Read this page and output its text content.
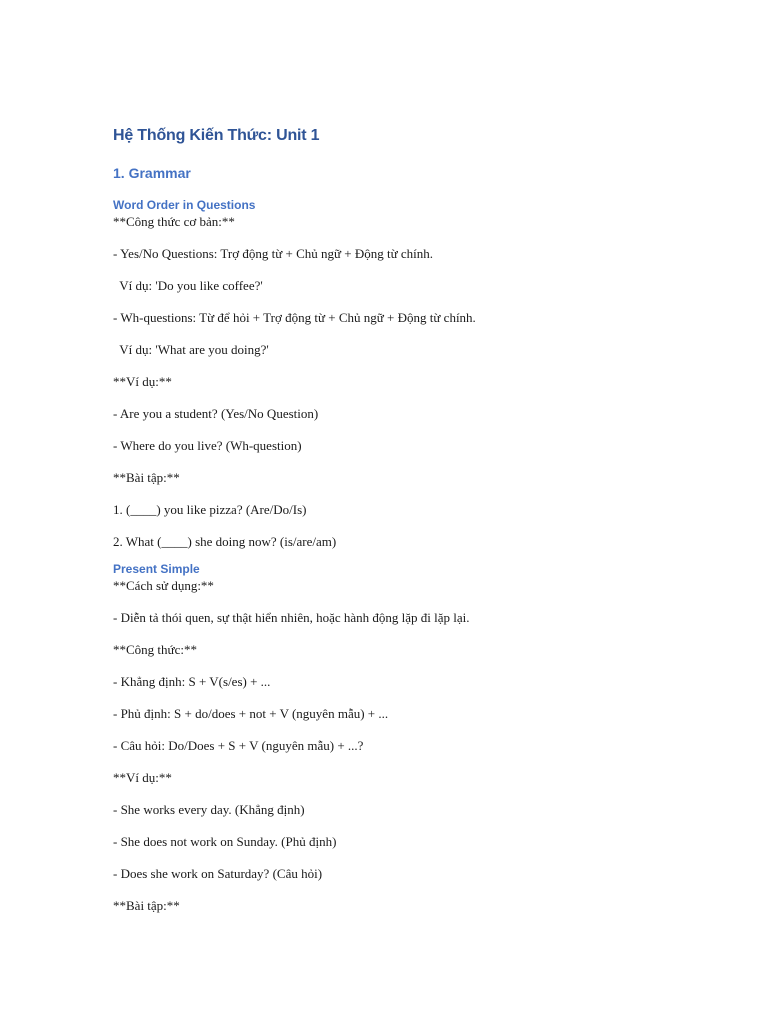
Hệ Thống Kiến Thức: Unit 1
1. Grammar
Word Order in Questions

**Công thức cơ bản:**

- Yes/No Questions: Trợ động từ + Chủ ngữ + Động từ chính.

Ví dụ: 'Do you like coffee?'

- Wh-questions: Từ để hỏi + Trợ động từ + Chủ ngữ + Động từ chính.

Ví dụ: 'What are you doing?'

**Ví dụ:**

- Are you a student? (Yes/No Question)

- Where do you live? (Wh-question)

**Bài tập:**

1. (____) you like pizza? (Are/Do/Is)

2. What (____) she doing now? (is/are/am)

Present Simple

**Cách sử dụng:**

- Diễn tả thói quen, sự thật hiển nhiên, hoặc hành động lặp đi lặp lại.

**Công thức:**

- Khẳng định: S + V(s/es) + ...

- Phủ định: S + do/does + not + V (nguyên mẫu) + ...

- Câu hỏi: Do/Does + S + V (nguyên mẫu) + ...?

**Ví dụ:**

- She works every day. (Khẳng định)

- She does not work on Sunday. (Phủ định)

- Does she work on Saturday? (Câu hỏi)

**Bài tập:**
